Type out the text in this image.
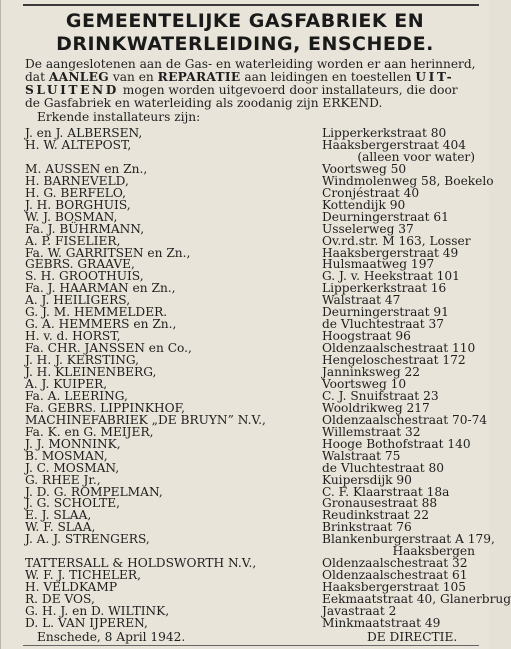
GEMEENTELIJKE GASFABRIEK EN
DRINKWATERLEIDING, ENSCHEDE.
De aangeslotenen aan de Gas- en waterleiding worden er aan herinnerd,
dat AANLEG van en REPARATIE aan leidingen en toestellen UIT-
SLUITEND mogen worden uitgevoerd door installateurs, die door
de Gasfabriek en waterleiding als zoodanig zijn ERKEND.
Erkende installateurs zijn:
J. en J. ALBERSEN,	Lipperkerkstraat 80
H. W. ALTEPOST,	Haaksbergerstraat 404
(alleen voor water)
M. AUSSEN en Zn.,	Voortsweg 50
H. BARNEVELD,	Windmolenweg 58, Boekelo
H. G. BERFELO,	Cronjéstraat 40
J. H. BORGHUIS,	Kottendijk 90
W. J. BOSMAN,	Deurningerstraat 61
Fa. J. BÜHRMANN,	Usselerweg 37
A. P. FISELIER,	Ov.rd.str. M 163, Losser
Fa. W. GARRITSEN en Zn.,	Haaksbergerstraat 49
GEBRS. GRAAVE,	Hulsmaatweg 197
S. H. GROOTHUIS,	G. J. v. Heekstraat 101
Fa. J. HAARMAN en Zn.,	Lipperkerkstraat 16
A. J. HEILIGERS,	Walstraat 47
G. J. M. HEMMELDER.	Deurningerstraat 91
G. A. HEMMERS en Zn.,	de Vluchtestraat 37
H. v. d. HORST,	Hoogstraat 96
Fa. CHR. JANSSEN en Co.,	Oldenzaalschestraat 110
J. H. J. KERSTING,	Hengeloschestraat 172
J. H. KLEINENBERG,	Janninksweg 22
A. J. KUIPER,	Voortsweg 10
Fa. A. LEERING,	C. J. Snuifstraat 23
Fa. GEBRS. LIPPINKHOF,	Wooldrikweg 217
MACHINEFABRIEK „DE BRUYN” N.V.,	Oldenzaalschestraat 70-74
Fa. K. en G. MEIJER,	Willemstraat 32
J. J. MONNINK,	Hooge Bothofstraat 140
B. MOSMAN,	Walstraat 75
J. C. MOSMAN,	de Vluchtestraat 80
G. RHEE Jr.,	Kuipersdijk 90
J. D. G. ROMPELMAN,	C. F. Klaarstraat 18a
J. G. SCHOLTE,	Gronausestraat 88
E. J. SLAA,	Reudinkstraat 22
W. F. SLAA,	Brinkstraat 76
J. A. J. STRENGERS,	Blankenburgerstraat A 179,
Haaksbergen
TATTERSALL & HOLDSWORTH N.V.,	Oldenzaalschestraat 32
W. F. J. TICHELER,	Oldenzaalschestraat 61
H. VELDKAMP	Haaksbergerstraat 105
R. DE VOS,	Eekmaatstraat 40, Glanerbrug
G. H. J. en D. WILTINK,	Javastraat 2
D. L. VAN IJPEREN,	Minkmaatstraat 49
Enschede, 8 April 1942.	DE DIRECTIE.
